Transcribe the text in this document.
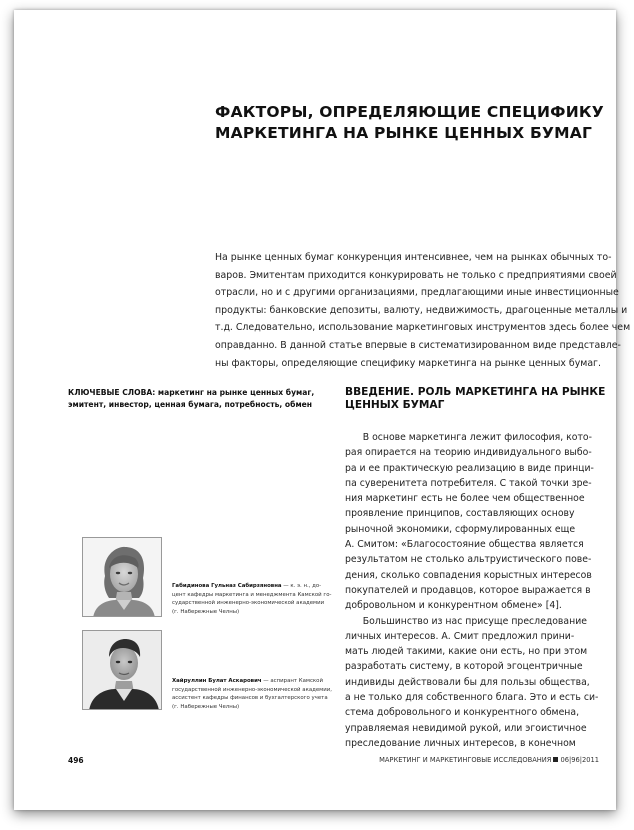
ФАКТОРЫ, ОПРЕДЕЛЯЮЩИЕ СПЕЦИФИКУ
МАРКЕТИНГА НА РЫНКЕ ЦЕННЫХ БУМАГ
На рынке ценных бумаг конкуренция интенсивнее, чем на рынках обычных то-
варов. Эмитентам приходится конкурировать не только с предприятиями своей
отрасли, но и с другими организациями, предлагающими иные инвестиционные
продукты: банковские депозиты, валюту, недвижимость, драгоценные металлы и
т.д. Следовательно, использование маркетинговых инструментов здесь более чем
оправданно. В данной статье впервые в систематизированном виде представле-
ны факторы, определяющие специфику маркетинга на рынке ценных бумаг.
КЛЮЧЕВЫЕ СЛОВА: маркетинг на рынке ценных бумаг,
эмитент, инвестор, ценная бумага, потребность, обмен
ВВЕДЕНИЕ. РОЛЬ МАРКЕТИНГА НА РЫНКЕ
ЦЕННЫХ БУМАГ
В основе маркетинга лежит философия, кото-
рая опирается на теорию индивидуального выбо-
ра и ее практическую реализацию в виде принци-
па суверенитета потребителя. С такой точки зре-
ния маркетинг есть не более чем общественное
проявление принципов, составляющих основу
рыночной экономики, сформулированных еще
А. Смитом: «Благосостояние общества является
результатом не столько альтруистического пове-
дения, сколько совпадения корыстных интересов
покупателей и продавцов, которое выражается в
добровольном и конкурентном обмене» [4].
Большинство из нас присуще преследование
личных интересов. А. Смит предложил прини-
мать людей такими, какие они есть, но при этом
разработать систему, в которой эгоцентричные
индивиды действовали бы для пользы общества,
а не только для собственного блага. Это и есть си-
стема добровольного и конкурентного обмена,
управляемая невидимой рукой, или эгоистичное
преследование личных интересов, в конечном
Габидинова Гульназ Сабирзяновна — к. э. н., до-
цент кафедры маркетинга и менеджмента Камской го-
сударственной инженерно-экономической академии
(г. Набережные Челны)
Хайруллин Булат Аскарович — аспирант Камской
государственной инженерно-экономической академии,
ассистент кафедры финансов и бухгалтерского учета
(г. Набережные Челны)
496	МАРКЕТИНГ И МАРКЕТИНГОВЫЕ ИССЛЕДОВАНИЯ 06|96|2011
